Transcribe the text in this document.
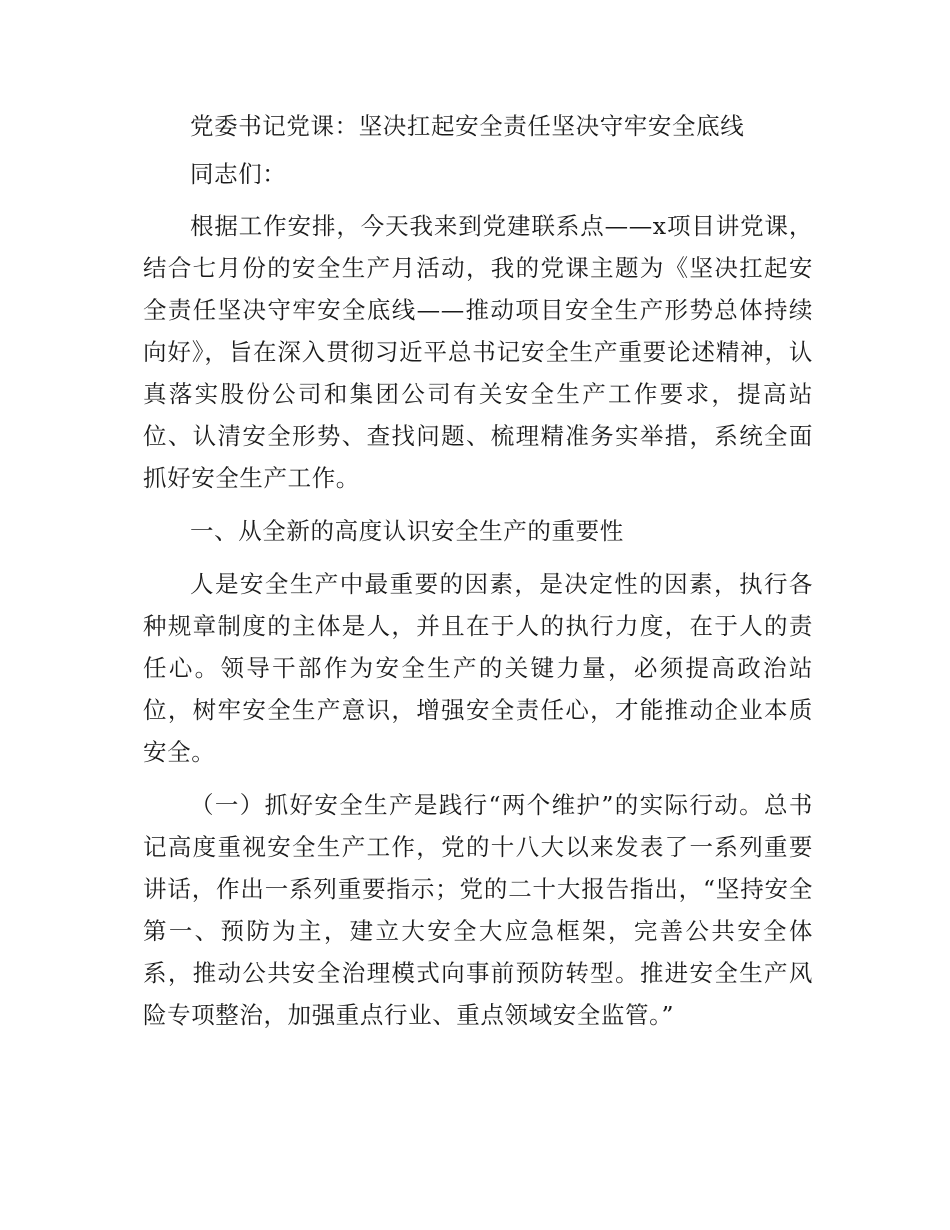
党委书记党课：坚决扛起安全责任坚决守牢安全底线

同志们：

根据工作安排，今天我来到党建联系点——x项目讲党课，结合七月份的安全生产月活动，我的党课主题为《坚决扛起安全责任坚决守牢安全底线——推动项目安全生产形势总体持续向好》，旨在深入贯彻习近平总书记安全生产重要论述精神，认真落实股份公司和集团公司有关安全生产工作要求，提高站位、认清安全形势、查找问题、梳理精准务实举措，系统全面抓好安全生产工作。

一、从全新的高度认识安全生产的重要性

人是安全生产中最重要的因素，是决定性的因素，执行各种规章制度的主体是人，并且在于人的执行力度，在于人的责任心。领导干部作为安全生产的关键力量，必须提高政治站位，树牢安全生产意识，增强安全责任心，才能推动企业本质安全。

（一）抓好安全生产是践行“两个维护”的实际行动。总书记高度重视安全生产工作，党的十八大以来发表了一系列重要讲话，作出一系列重要指示；党的二十大报告指出，“坚持安全第一、预防为主，建立大安全大应急框架，完善公共安全体系，推动公共安全治理模式向事前预防转型。推进安全生产风险专项整治，加强重点行业、重点领域安全监管。”
